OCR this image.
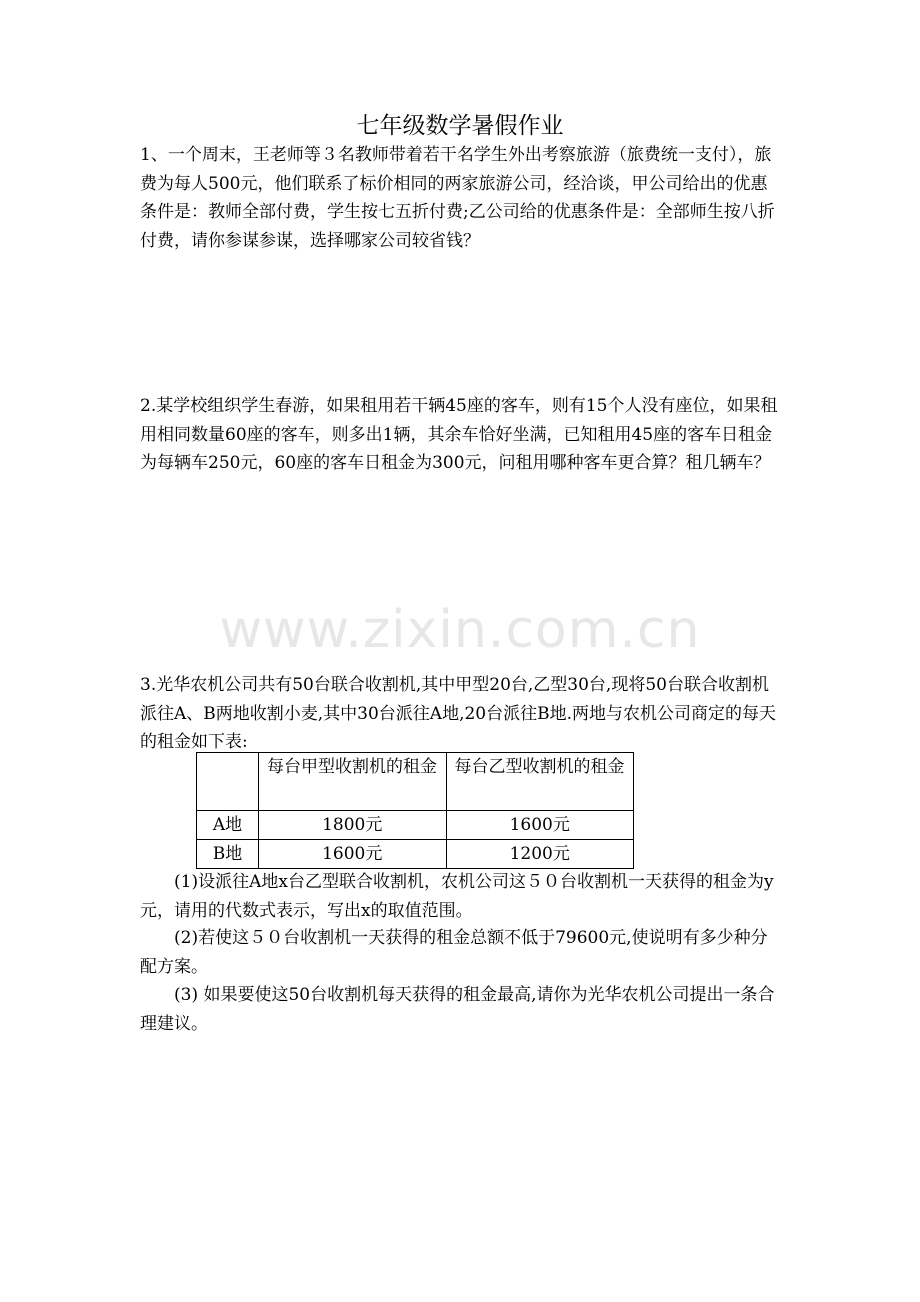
www.zixin.com.cn
七年级数学暑假作业

1、一个周末，王老师等３名教师带着若干名学生外出考察旅游（旅费统一支付），旅费为每人500元，他们联系了标价相同的两家旅游公司，经洽谈，甲公司给出的优惠条件是：教师全部付费，学生按七五折付费;乙公司给的优惠条件是：全部师生按八折付费，请你参谋参谋，选择哪家公司较省钱？

2.某学校组织学生春游，如果租用若干辆45座的客车，则有15个人没有座位，如果租用相同数量60座的客车，则多出1辆，其余车恰好坐满，已知租用45座的客车日租金为每辆车250元，60座的客车日租金为300元，问租用哪种客车更合算？租几辆车？

3.光华农机公司共有50台联合收割机,其中甲型20台,乙型30台,现将50台联合收割机派往A、B两地收割小麦,其中30台派往A地,20台派往B地.两地与农机公司商定的每天的租金如下表:

	每台甲型收割机的租金	每台乙型收割机的租金
A地	1800元	1600元
B地	1600元	1200元

(1)设派往A地x台乙型联合收割机，农机公司这５０台收割机一天获得的租金为y元，请用的代数式表示，写出x的取值范围。

(2)若使这５０台收割机一天获得的租金总额不低于79600元,使说明有多少种分配方案。

(3) 如果要使这50台收割机每天获得的租金最高,请你为光华农机公司提出一条合理建议。
